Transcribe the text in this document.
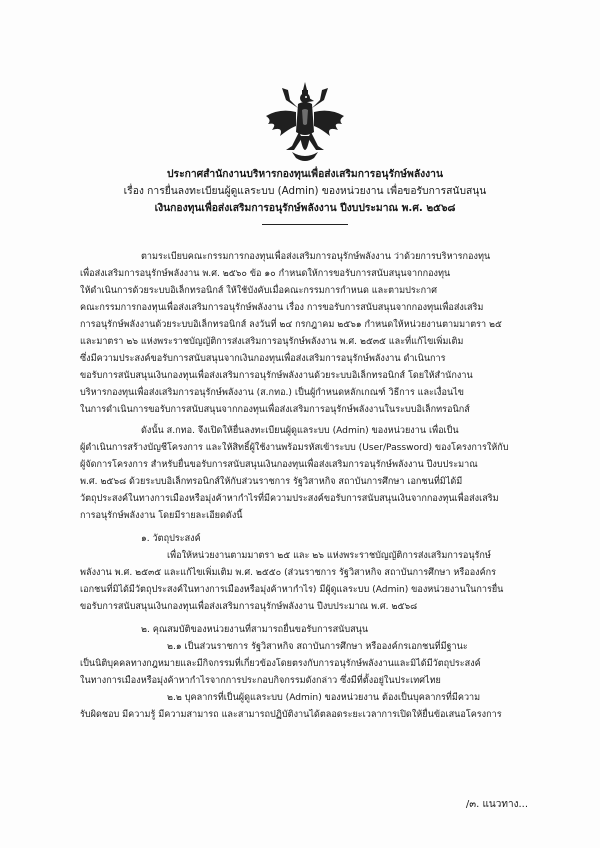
ประกาศสำนักงานบริหารกองทุนเพื่อส่งเสริมการอนุรักษ์พลังงาน
เรื่อง การยื่นลงทะเบียนผู้ดูแลระบบ (Admin) ของหน่วยงาน เพื่อขอรับการสนับสนุน
เงินกองทุนเพื่อส่งเสริมการอนุรักษ์พลังงาน ปีงบประมาณ พ.ศ. ๒๕๖๘
ตามระเบียบคณะกรรมการกองทุนเพื่อส่งเสริมการอนุรักษ์พลังงาน ว่าด้วยการบริหารกองทุน
เพื่อส่งเสริมการอนุรักษ์พลังงาน พ.ศ. ๒๕๖๐ ข้อ ๑๐ กำหนดให้การขอรับการสนับสนุนจากกองทุน
ให้ดำเนินการด้วยระบบอิเล็กทรอนิกส์ ให้ใช้บังคับเมื่อคณะกรรมการกำหนด และตามประกาศ
คณะกรรมการกองทุนเพื่อส่งเสริมการอนุรักษ์พลังงาน เรื่อง การขอรับการสนับสนุนจากกองทุนเพื่อส่งเสริม
การอนุรักษ์พลังงานด้วยระบบอิเล็กทรอนิกส์ ลงวันที่ ๒๔ กรกฎาคม ๒๕๖๑ กำหนดให้หน่วยงานตามมาตรา ๒๕
และมาตรา ๒๖ แห่งพระราชบัญญัติการส่งเสริมการอนุรักษ์พลังงาน พ.ศ. ๒๕๓๕ และที่แก้ไขเพิ่มเติม
ซึ่งมีความประสงค์ขอรับการสนับสนุนจากเงินกองทุนเพื่อส่งเสริมการอนุรักษ์พลังงาน ดำเนินการ
ขอรับการสนับสนุนเงินกองทุนเพื่อส่งเสริมการอนุรักษ์พลังงานด้วยระบบอิเล็กทรอนิกส์ โดยให้สำนักงาน
บริหารกองทุนเพื่อส่งเสริมการอนุรักษ์พลังงาน (ส.กทอ.) เป็นผู้กำหนดหลักเกณฑ์ วิธีการ และเงื่อนไข
ในการดำเนินการขอรับการสนับสนุนจากกองทุนเพื่อส่งเสริมการอนุรักษ์พลังงานในระบบอิเล็กทรอนิกส์
ดังนั้น ส.กทอ. จึงเปิดให้ยื่นลงทะเบียนผู้ดูแลระบบ (Admin) ของหน่วยงาน เพื่อเป็น
ผู้ดำเนินการสร้างบัญชีโครงการ และให้สิทธิ์ผู้ใช้งานพร้อมรหัสเข้าระบบ (User/Password) ของโครงการให้กับ
ผู้จัดการโครงการ สำหรับยื่นขอรับการสนับสนุนเงินกองทุนเพื่อส่งเสริมการอนุรักษ์พลังงาน ปีงบประมาณ
พ.ศ. ๒๕๖๘ ด้วยระบบอิเล็กทรอนิกส์ให้กับส่วนราชการ รัฐวิสาหกิจ สถาบันการศึกษา เอกชนที่มิได้มี
วัตถุประสงค์ในทางการเมืองหรือมุ่งค้าหากำไรที่มีความประสงค์ขอรับการสนับสนุนเงินจากกองทุนเพื่อส่งเสริม
การอนุรักษ์พลังงาน โดยมีรายละเอียดดังนี้
๑. วัตถุประสงค์
เพื่อให้หน่วยงานตามมาตรา ๒๕ และ ๒๖ แห่งพระราชบัญญัติการส่งเสริมการอนุรักษ์
พลังงาน พ.ศ. ๒๕๓๕ และแก้ไขเพิ่มเติม พ.ศ. ๒๕๕๐ (ส่วนราชการ รัฐวิสาหกิจ สถาบันการศึกษา หรือองค์กร
เอกชนที่มิได้มีวัตถุประสงค์ในทางการเมืองหรือมุ่งค้าหากำไร) มีผู้ดูแลระบบ (Admin) ของหน่วยงานในการยื่น
ขอรับการสนับสนุนเงินกองทุนเพื่อส่งเสริมการอนุรักษ์พลังงาน ปีงบประมาณ พ.ศ. ๒๕๖๘
๒. คุณสมบัติของหน่วยงานที่สามารถยื่นขอรับการสนับสนุน
๒.๑ เป็นส่วนราชการ รัฐวิสาหกิจ สถาบันการศึกษา หรือองค์กรเอกชนที่มีฐานะ
เป็นนิติบุคคลทางกฎหมายและมีกิจกรรมที่เกี่ยวข้องโดยตรงกับการอนุรักษ์พลังงานและมิได้มีวัตถุประสงค์
ในทางการเมืองหรือมุ่งค้าหากำไรจากการประกอบกิจกรรมดังกล่าว ซึ่งมีที่ตั้งอยู่ในประเทศไทย
๒.๒ บุคลากรที่เป็นผู้ดูแลระบบ (Admin) ของหน่วยงาน ต้องเป็นบุคลากรที่มีความ
รับผิดชอบ มีความรู้ มีความสามารถ และสามารถปฏิบัติงานได้ตลอดระยะเวลาการเปิดให้ยื่นข้อเสนอโครงการ
/๓. แนวทาง...
